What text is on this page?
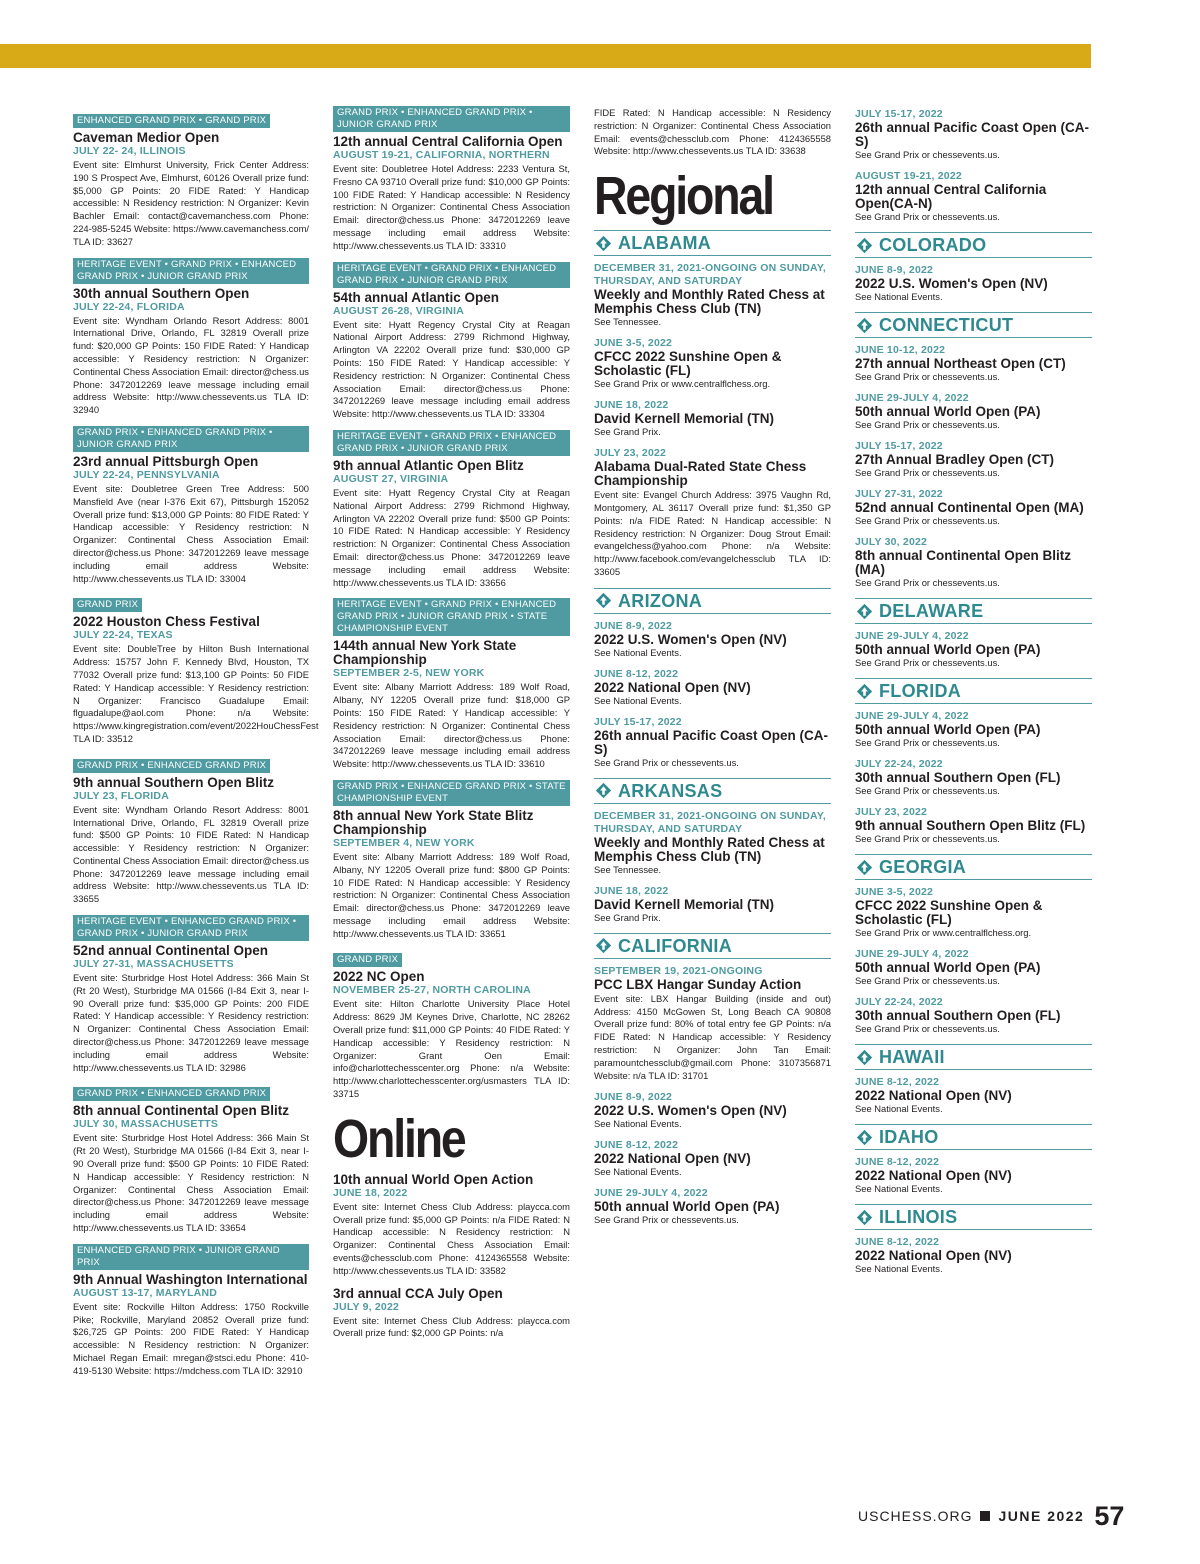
ENHANCED GRAND PRIX • GRAND PRIX
Caveman Medior Open
JULY 22- 24, ILLINOIS
Event site: Elmhurst University, Frick Center Address: 190 S Prospect Ave, Elmhurst, 60126 Overall prize fund: $5,000 GP Points: 20 FIDE Rated: Y Handicap accessible: N Residency restriction: N Organizer: Kevin Bachler Email: contact@cavemanchess.com Phone: 224-985-5245 Website: https://www.cavemanchess.com/ TLA ID: 33627
HERITAGE EVENT • GRAND PRIX • ENHANCED GRAND PRIX • JUNIOR GRAND PRIX
30th annual Southern Open
JULY 22-24, FLORIDA
Event site: Wyndham Orlando Resort Address: 8001 International Drive, Orlando, FL 32819 Overall prize fund: $20,000 GP Points: 150 FIDE Rated: Y Handicap accessible: Y Residency restriction: N Organizer: Continental Chess Association Email: director@chess.us Phone: 3472012269 leave message including email address Website: http://www.chessevents.us TLA ID: 32940
GRAND PRIX • ENHANCED GRAND PRIX • JUNIOR GRAND PRIX
23rd annual Pittsburgh Open
JULY 22-24, PENNSYLVANIA
Event site: Doubletree Green Tree Address: 500 Mansfield Ave (near I-376 Exit 67), Pittsburgh 152052 Overall prize fund: $13,000 GP Points: 80 FIDE Rated: Y Handicap accessible: Y Residency restriction: N Organizer: Continental Chess Association Email: director@chess.us Phone: 3472012269 leave message including email address Website: http://www.chessevents.us TLA ID: 33004
GRAND PRIX
2022 Houston Chess Festival
JULY 22-24, TEXAS
Event site: DoubleTree by Hilton Bush International Address: 15757 John F. Kennedy Blvd, Houston, TX 77032 Overall prize fund: $13,100 GP Points: 50 FIDE Rated: Y Handicap accessible: Y Residency restriction: N Organizer: Francisco Guadalupe Email: flguadalupe@aol.com Phone: n/a Website: https://www.kingregistration.com/event/2022HouChessFest TLA ID: 33512
GRAND PRIX • ENHANCED GRAND PRIX
9th annual Southern Open Blitz
JULY 23, FLORIDA
Event site: Wyndham Orlando Resort Address: 8001 International Drive, Orlando, FL 32819 Overall prize fund: $500 GP Points: 10 FIDE Rated: N Handicap accessible: Y Residency restriction: N Organizer: Continental Chess Association Email: director@chess.us Phone: 3472012269 leave message including email address Website: http://www.chessevents.us TLA ID: 33655
HERITAGE EVENT • ENHANCED GRAND PRIX • GRAND PRIX • JUNIOR GRAND PRIX
52nd annual Continental Open
JULY 27-31, MASSACHUSETTS
Event site: Sturbridge Host Hotel Address: 366 Main St (Rt 20 West), Sturbridge MA 01566 (I-84 Exit 3, near I-90 Overall prize fund: $35,000 GP Points: 200 FIDE Rated: Y Handicap accessible: Y Residency restriction: N Organizer: Continental Chess Association Email: director@chess.us Phone: 3472012269 leave message including email address Website: http://www.chessevents.us TLA ID: 32986
GRAND PRIX • ENHANCED GRAND PRIX
8th annual Continental Open Blitz
JULY 30, MASSACHUSETTS
Event site: Sturbridge Host Hotel Address: 366 Main St (Rt 20 West), Sturbridge MA 01566 (I-84 Exit 3, near I-90 Overall prize fund: $500 GP Points: 10 FIDE Rated: N Handicap accessible: Y Residency restriction: N Organizer: Continental Chess Association Email: director@chess.us Phone: 3472012269 leave message including email address Website: http://www.chessevents.us TLA ID: 33654
ENHANCED GRAND PRIX • JUNIOR GRAND PRIX
9th Annual Washington International
AUGUST 13-17, MARYLAND
Event site: Rockville Hilton Address: 1750 Rockville Pike; Rockville, Maryland 20852 Overall prize fund: $26,725 GP Points: 200 FIDE Rated: Y Handicap accessible: N Residency restriction: N Organizer: Michael Regan Email: mregan@stsci.edu Phone: 410-419-5130 Website: https://mdchess.com TLA ID: 32910
GRAND PRIX • ENHANCED GRAND PRIX • JUNIOR GRAND PRIX
12th annual Central California Open
AUGUST 19-21, CALIFORNIA, NORTHERN
Event site: Doubletree Hotel Address: 2233 Ventura St, Fresno CA 93710 Overall prize fund: $10,000 GP Points: 100 FIDE Rated: Y Handicap accessible: N Residency restriction: N Organizer: Continental Chess Association Email: director@chess.us Phone: 3472012269 leave message including email address Website: http://www.chessevents.us TLA ID: 33310
HERITAGE EVENT • GRAND PRIX • ENHANCED GRAND PRIX • JUNIOR GRAND PRIX
54th annual Atlantic Open
AUGUST 26-28, VIRGINIA
Event site: Hyatt Regency Crystal City at Reagan National Airport Address: 2799 Richmond Highway, Arlington VA 22202 Overall prize fund: $30,000 GP Points: 150 FIDE Rated: Y Handicap accessible: Y Residency restriction: N Organizer: Continental Chess Association Email: director@chess.us Phone: 3472012269 leave message including email address Website: http://www.chessevents.us TLA ID: 33304
HERITAGE EVENT • GRAND PRIX • ENHANCED GRAND PRIX • JUNIOR GRAND PRIX
9th annual Atlantic Open Blitz
AUGUST 27, VIRGINIA
Event site: Hyatt Regency Crystal City at Reagan National Airport Address: 2799 Richmond Highway, Arlington VA 22202 Overall prize fund: $500 GP Points: 10 FIDE Rated: N Handicap accessible: Y Residency restriction: N Organizer: Continental Chess Association Email: director@chess.us Phone: 3472012269 leave message including email address Website: http://www.chessevents.us TLA ID: 33656
HERITAGE EVENT • GRAND PRIX • ENHANCED GRAND PRIX • JUNIOR GRAND PRIX • STATE CHAMPIONSHIP EVENT
144th annual New York State Championship
SEPTEMBER 2-5, NEW YORK
Event site: Albany Marriott Address: 189 Wolf Road, Albany, NY 12205 Overall prize fund: $18,000 GP Points: 150 FIDE Rated: Y Handicap accessible: Y Residency restriction: N Organizer: Continental Chess Association Email: director@chess.us Phone: 3472012269 leave message including email address Website: http://www.chessevents.us TLA ID: 33610
GRAND PRIX • ENHANCED GRAND PRIX • STATE CHAMPIONSHIP EVENT
8th annual New York State Blitz Championship
SEPTEMBER 4, NEW YORK
Event site: Albany Marriott Address: 189 Wolf Road, Albany, NY 12205 Overall prize fund: $800 GP Points: 10 FIDE Rated: N Handicap accessible: Y Residency restriction: N Organizer: Continental Chess Association Email: director@chess.us Phone: 3472012269 leave message including email address Website: http://www.chessevents.us TLA ID: 33651
GRAND PRIX
2022 NC Open
NOVEMBER 25-27, NORTH CAROLINA
Event site: Hilton Charlotte University Place Hotel Address: 8629 JM Keynes Drive, Charlotte, NC 28262 Overall prize fund: $11,000 GP Points: 40 FIDE Rated: Y Handicap accessible: Y Residency restriction: N Organizer: Grant Oen Email: info@charlottechesscenter.org Phone: n/a Website: http://www.charlottechesscenter.org/usmasters TLA ID: 33715
Online
10th annual World Open Action
JUNE 18, 2022
Event site: Internet Chess Club Address: playcca.com Overall prize fund: $5,000 GP Points: n/a FIDE Rated: N Handicap accessible: N Residency restriction: N Organizer: Continental Chess Association Email: events@chessclub.com Phone: 4124365558 Website: http://www.chessevents.us TLA ID: 33582
3rd annual CCA July Open
JULY 9, 2022
Event site: Internet Chess Club Address: playcca.com Overall prize fund: $2,000 GP Points: n/a
FIDE Rated: N Handicap accessible: N Residency restriction: N Organizer: Continental Chess Association Email: events@chessclub.com Phone: 4124365558 Website: http://www.chessevents.us TLA ID: 33638
Regional
ALABAMA
DECEMBER 31, 2021-ONGOING ON SUNDAY, THURSDAY, AND SATURDAY
Weekly and Monthly Rated Chess at Memphis Chess Club (TN)
See Tennessee.
JUNE 3-5, 2022
CFCC 2022 Sunshine Open & Scholastic (FL)
See Grand Prix or www.centralflchess.org.
JUNE 18, 2022
David Kernell Memorial (TN)
See Grand Prix.
JULY 23, 2022
Alabama Dual-Rated State Chess Championship
Event site: Evangel Church Address: 3975 Vaughn Rd, Montgomery, AL 36117 Overall prize fund: $1,350 GP Points: n/a FIDE Rated: N Handicap accessible: N Residency restriction: N Organizer: Doug Strout Email: evangelchess@yahoo.com Phone: n/a Website: http://www.facebook.com/evangelchessclub TLA ID: 33605
ARIZONA
JUNE 8-9, 2022
2022 U.S. Women's Open (NV)
See National Events.
JUNE 8-12, 2022
2022 National Open (NV)
See National Events.
JULY 15-17, 2022
26th annual Pacific Coast Open (CA-S)
See Grand Prix or chessevents.us.
ARKANSAS
DECEMBER 31, 2021-ONGOING ON SUNDAY, THURSDAY, AND SATURDAY
Weekly and Monthly Rated Chess at Memphis Chess Club (TN)
See Tennessee.
JUNE 18, 2022
David Kernell Memorial (TN)
See Grand Prix.
CALIFORNIA
SEPTEMBER 19, 2021-ONGOING
PCC LBX Hangar Sunday Action
Event site: LBX Hangar Building (inside and out) Address: 4150 McGowen St, Long Beach CA 90808 Overall prize fund: 80% of total entry fee GP Points: n/a FIDE Rated: N Handicap accessible: Y Residency restriction: N Organizer: John Tan Email: paramountchessclub@gmail.com Phone: 3107356871 Website: n/a TLA ID: 31701
JUNE 8-9, 2022
2022 U.S. Women's Open (NV)
See National Events.
JUNE 8-12, 2022
2022 National Open (NV)
See National Events.
JUNE 29-JULY 4, 2022
50th annual World Open (PA)
See Grand Prix or chessevents.us.
JULY 15-17, 2022
26th annual Pacific Coast Open (CA-S)
See Grand Prix or chessevents.us.
AUGUST 19-21, 2022
12th annual Central California Open(CA-N)
See Grand Prix or chessevents.us.
COLORADO
JUNE 8-9, 2022
2022 U.S. Women's Open (NV)
See National Events.
CONNECTICUT
JUNE 10-12, 2022
27th annual Northeast Open (CT)
See Grand Prix or chessevents.us.
JUNE 29-JULY 4, 2022
50th annual World Open (PA)
See Grand Prix or chessevents.us.
JULY 15-17, 2022
27th Annual Bradley Open (CT)
See Grand Prix or chessevents.us.
JULY 27-31, 2022
52nd annual Continental Open (MA)
See Grand Prix or chessevents.us.
JULY 30, 2022
8th annual Continental Open Blitz (MA)
See Grand Prix or chessevents.us.
DELAWARE
JUNE 29-JULY 4, 2022
50th annual World Open (PA)
See Grand Prix or chessevents.us.
FLORIDA
JUNE 29-JULY 4, 2022
50th annual World Open (PA)
See Grand Prix or chessevents.us.
JULY 22-24, 2022
30th annual Southern Open (FL)
See Grand Prix or chessevents.us.
JULY 23, 2022
9th annual Southern Open Blitz (FL)
See Grand Prix or chessevents.us.
GEORGIA
JUNE 3-5, 2022
CFCC 2022 Sunshine Open & Scholastic (FL)
See Grand Prix or www.centralflchess.org.
JUNE 29-JULY 4, 2022
50th annual World Open (PA)
See Grand Prix or chessevents.us.
JULY 22-24, 2022
30th annual Southern Open (FL)
See Grand Prix or chessevents.us.
HAWAII
JUNE 8-12, 2022
2022 National Open (NV)
See National Events.
IDAHO
JUNE 8-12, 2022
2022 National Open (NV)
See National Events.
ILLINOIS
JUNE 8-12, 2022
2022 National Open (NV)
See National Events.
USCHESS.ORG JUNE 2022 57
